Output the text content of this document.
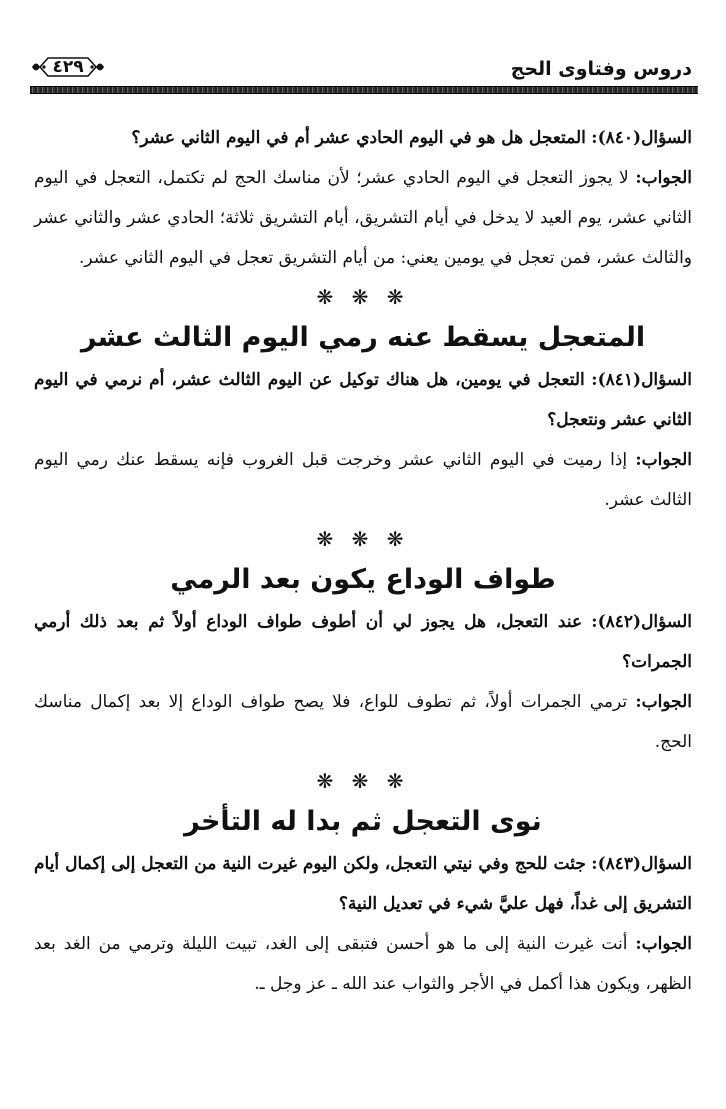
دروس وفتاوى الحج
٤٢٩

السؤال(٨٤٠): المتعجل هل هو في اليوم الحادي عشر أم في اليوم الثاني عشر؟

الجواب: لا يجوز التعجل في اليوم الحادي عشر؛ لأن مناسك الحج لم تكتمل، التعجل في اليوم الثاني عشر، يوم العيد لا يدخل في أيام التشريق، أيام التشريق ثلاثة؛ الحادي عشر والثاني عشر والثالث عشر، فمن تعجل في يومين يعني: من أيام التشريق تعجل في اليوم الثاني عشر.

❋ ❋ ❋
المتعجل يسقط عنه رمي اليوم الثالث عشر

السؤال(٨٤١): التعجل في يومين، هل هناك توكيل عن اليوم الثالث عشر، أم نرمي في اليوم الثاني عشر ونتعجل؟

الجواب: إذا رميت في اليوم الثاني عشر وخرجت قبل الغروب فإنه يسقط عنك رمي اليوم الثالث عشر.

❋ ❋ ❋
طواف الوداع يكون بعد الرمي

السؤال(٨٤٢): عند التعجل، هل يجوز لي أن أطوف طواف الوداع أولاً ثم بعد ذلك أرمي الجمرات؟

الجواب: ترمي الجمرات أولاً، ثم تطوف للواع، فلا يصح طواف الوداع إلا بعد إكمال مناسك الحج.

❋ ❋ ❋
نوى التعجل ثم بدا له التأخر

السؤال(٨٤٣): جئت للحج وفي نيتي التعجل، ولكن اليوم غيرت النية من التعجل إلى إكمال أيام التشريق إلى غداً، فهل عليَّ شيء في تعديل النية؟

الجواب: أنت غيرت النية إلى ما هو أحسن فتبقى إلى الغد، تبيت الليلة وترمي من الغد بعد الظهر، ويكون هذا أكمل في الأجر والثواب عند الله ـ عز وجل ـ.
